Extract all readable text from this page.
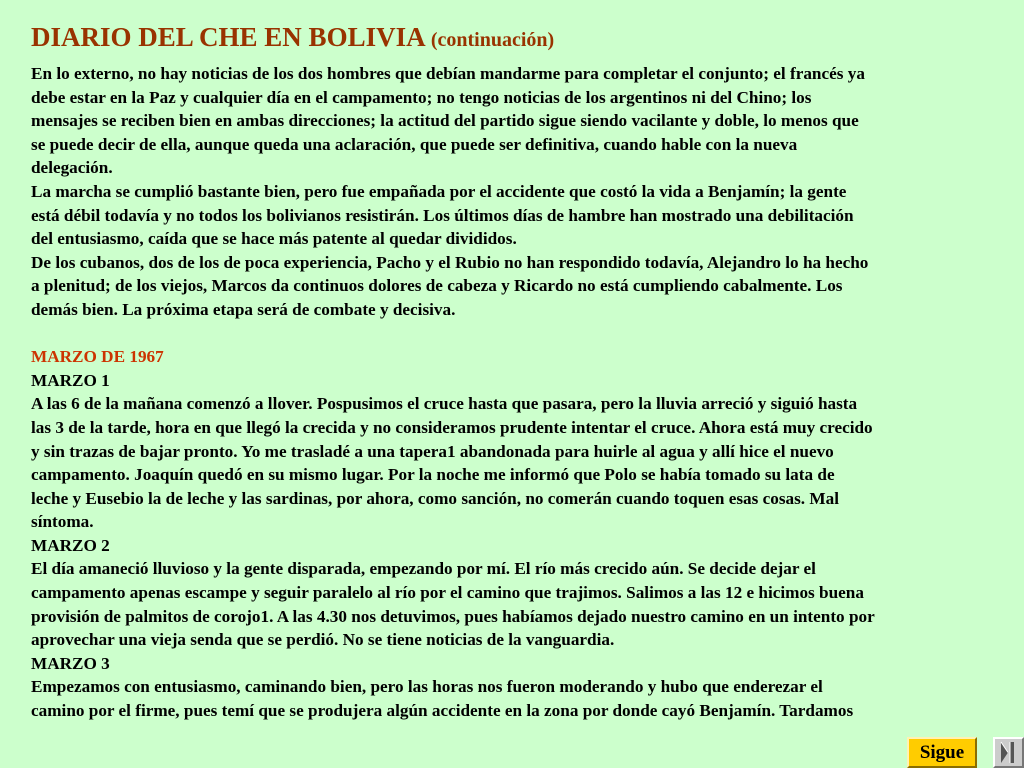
DIARIO DEL CHE EN BOLIVIA (continuación)

En lo externo, no hay noticias de los dos hombres que debían mandarme para completar el conjunto; el francés ya
debe estar en la Paz y cualquier día en el campamento; no tengo noticias de los argentinos ni del Chino; los
mensajes se reciben bien en ambas direcciones; la actitud del partido sigue siendo vacilante y doble, lo menos que
se puede decir de ella, aunque queda una aclaración, que puede ser definitiva, cuando hable con la nueva
delegación.

La marcha se cumplió bastante bien, pero fue empañada por el accidente que costó la vida a Benjamín; la gente
está débil todavía y no todos los bolivianos resistirán. Los últimos días de hambre han mostrado una debilitación
del entusiasmo, caída que se hace más patente al quedar divididos.

De los cubanos, dos de los de poca experiencia, Pacho y el Rubio no han respondido todavía, Alejandro lo ha hecho
a plenitud; de los viejos, Marcos da continuos dolores de cabeza y Ricardo no está cumpliendo cabalmente. Los
demás bien. La próxima etapa será de combate y decisiva.

MARZO DE 1967

MARZO 1

A las 6 de la mañana comenzó a llover. Pospusimos el cruce hasta que pasara, pero la lluvia arreció y siguió hasta
las 3 de la tarde, hora en que llegó la crecida y no consideramos prudente intentar el cruce. Ahora está muy crecido
y sin trazas de bajar pronto. Yo me trasladé a una tapera1 abandonada para huirle al agua y allí hice el nuevo
campamento. Joaquín quedó en su mismo lugar. Por la noche me informó que Polo se había tomado su lata de
leche y Eusebio la de leche y las sardinas, por ahora, como sanción, no comerán cuando toquen esas cosas. Mal
síntoma.

MARZO 2

El día amaneció lluvioso y la gente disparada, empezando por mí. El río más crecido aún. Se decide dejar el
campamento apenas escampe y seguir paralelo al río por el camino que trajimos. Salimos a las 12 e hicimos buena
provisión de palmitos de corojo1. A las 4.30 nos detuvimos, pues habíamos dejado nuestro camino en un intento por
aprovechar una vieja senda que se perdió. No se tiene noticias de la vanguardia.

MARZO 3

Empezamos con entusiasmo, caminando bien, pero las horas nos fueron moderando y hubo que enderezar el
camino por el firme, pues temí que se produjera algún accidente en la zona por donde cayó Benjamín. Tardamos

Sigue
